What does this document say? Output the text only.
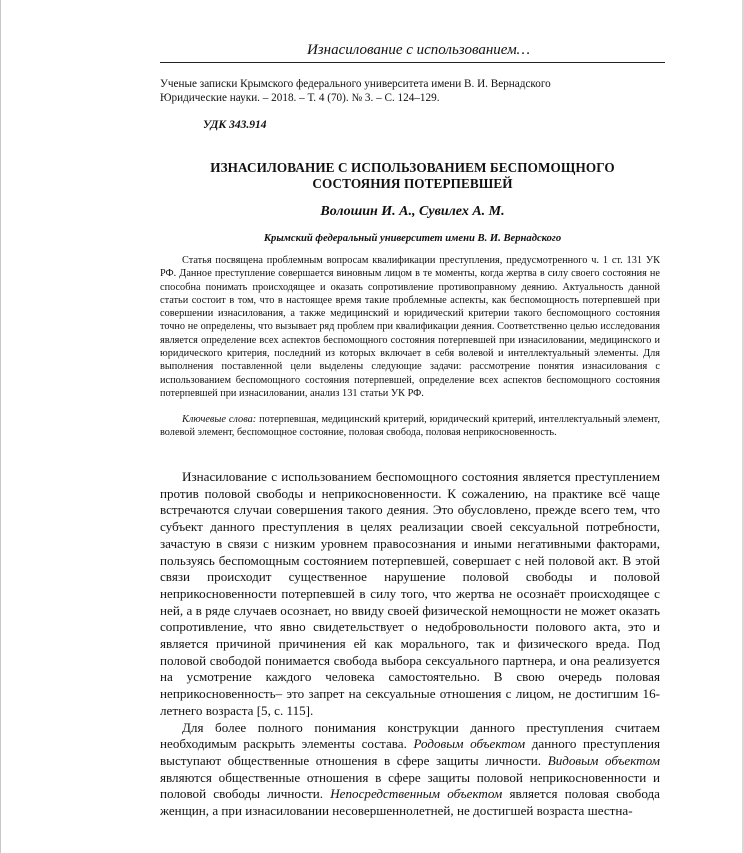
Изнасилование с использованием…
Ученые записки Крымского федерального университета имени В. И. Вернадского
Юридические науки. – 2018. – Т. 4 (70). № 3. – С. 124–129.
УДК 343.914
ИЗНАСИЛОВАНИЕ С ИСПОЛЬЗОВАНИЕМ БЕСПОМОЩНОГО
СОСТОЯНИЯ ПОТЕРПЕВШЕЙ
Волошин И. А., Сувилех А. М.
Крымский федеральный университет имени В. И. Вернадского

Статья посвящена проблемным вопросам квалификации преступления, предусмотренного ч. 1 ст. 131 УК РФ. Данное преступление совершается виновным лицом в те моменты, когда жертва в силу своего состояния не способна понимать происходящее и оказать сопротивление противоправному деянию. Актуальность данной статьи состоит в том, что в настоящее время такие проблемные аспекты, как беспомощность потерпевшей при совершении изнасилования, а также медицинский и юридический критерии такого беспомощного состояния точно не определены, что вызывает ряд проблем при квалификации деяния. Соответственно целью исследования является определение всех аспектов беспомощного состояния потерпевшей при изнасиловании, медицинского и юридического критерия, последний из которых включает в себя волевой и интеллектуальный элементы. Для выполнения поставленной цели выделены следующие задачи: рассмотрение понятия изнасилования с использованием беспомощного состояния потерпевшей, определение всех аспектов беспомощного состояния потерпевшей при изнасиловании, анализ 131 статьи УК РФ.

Ключевые слова: потерпевшая, медицинский критерий, юридический критерий, интеллектуальный элемент, волевой элемент, беспомощное состояние, половая свобода, половая неприкосновенность.

Изнасилование с использованием беспомощного состояния является преступлением против половой свободы и неприкосновенности. К сожалению, на практике всё чаще встречаются случаи совершения такого деяния. Это обусловлено, прежде всего тем, что субъект данного преступления в целях реализации своей сексуальной потребности, зачастую в связи с низким уровнем правосознания и иными негативными факторами, пользуясь беспомощным состоянием потерпевшей, совершает с ней половой акт. В этой связи происходит существенное нарушение половой свободы и половой неприкосновенности потерпевшей в силу того, что жертва не осознаёт происходящее с ней, а в ряде случаев осознает, но ввиду своей физической немощности не может оказать сопротивление, что явно свидетельствует о недобровольности полового акта, это и является причиной причинения ей как морального, так и физического вреда. Под половой свободой понимается свобода выбора сексуального партнера, и она реализуется на усмотрение каждого человека самостоятельно. В свою очередь половая неприкосновенность– это запрет на сексуальные отношения с лицом, не достигшим 16-летнего возраста [5, с. 115].

Для более полного понимания конструкции данного преступления считаем необходимым раскрыть элементы состава. Родовым объектом данного преступления выступают общественные отношения в сфере защиты личности. Видовым объектом являются общественные отношения в сфере защиты половой неприкосновенности и половой свободы личности. Непосредственным объектом является половая свобода женщин, а при изнасиловании несовершеннолетней, не достигшей возраста шестна-
